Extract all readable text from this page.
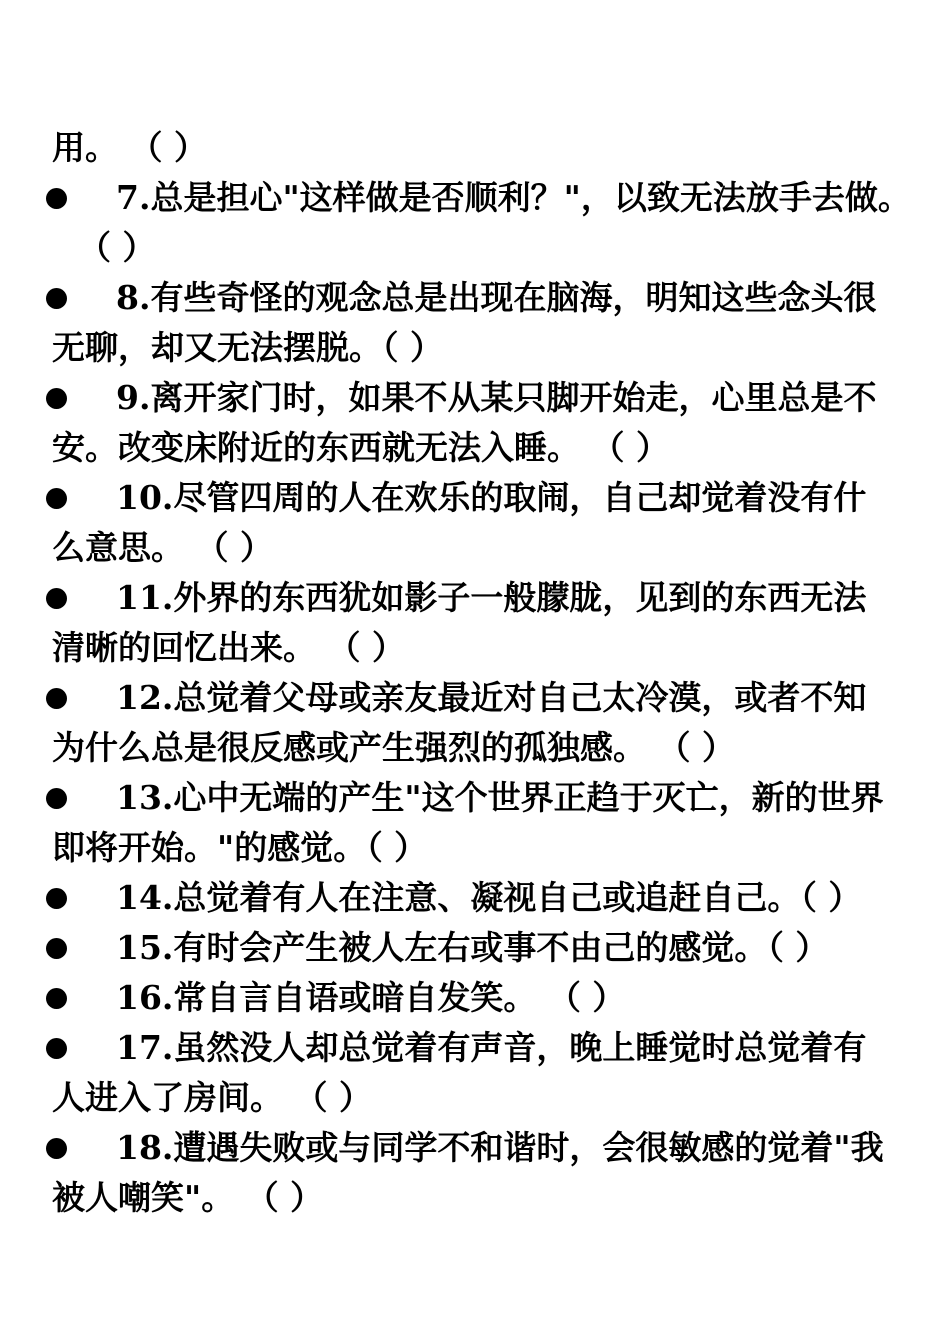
用。 （ ）
7.总是担心"这样做是否顺利？"，以致无法放手去做。
（ ）
8.有些奇怪的观念总是出现在脑海，明知这些念头很
无聊，却又无法摆脱。（ ）
9.离开家门时，如果不从某只脚开始走，心里总是不
安。改变床附近的东西就无法入睡。 （ ）
10.尽管四周的人在欢乐的取闹，自己却觉着没有什
么意思。 （ ）
11.外界的东西犹如影子一般朦胧，见到的东西无法
清晰的回忆出来。 （ ）
12.总觉着父母或亲友最近对自己太冷漠，或者不知
为什么总是很反感或产生强烈的孤独感。 （ ）
13.心中无端的产生"这个世界正趋于灭亡，新的世界
即将开始。"的感觉。（ ）
14.总觉着有人在注意、凝视自己或追赶自己。（ ）
15.有时会产生被人左右或事不由己的感觉。（ ）
16.常自言自语或暗自发笑。 （ ）
17.虽然没人却总觉着有声音，晚上睡觉时总觉着有
人进入了房间。 （ ）
18.遭遇失败或与同学不和谐时，会很敏感的觉着"我
被人嘲笑"。 （ ）
